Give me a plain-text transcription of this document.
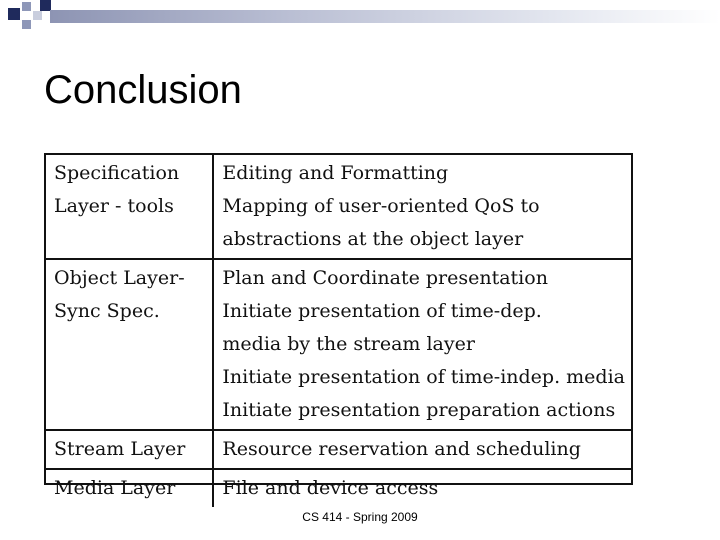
Conclusion
Specification Layer - tools	Editing and Formatting
Mapping of user-oriented QoS to
abstractions at the object layer

Object Layer- Sync Spec.	Plan and Coordinate presentation
Initiate presentation of time-dep.
media by the stream layer
Initiate presentation of time-indep. media
Initiate presentation preparation actions

Stream Layer	Resource reservation and scheduling

Media Layer	File and device access
CS 414 - Spring 2009
